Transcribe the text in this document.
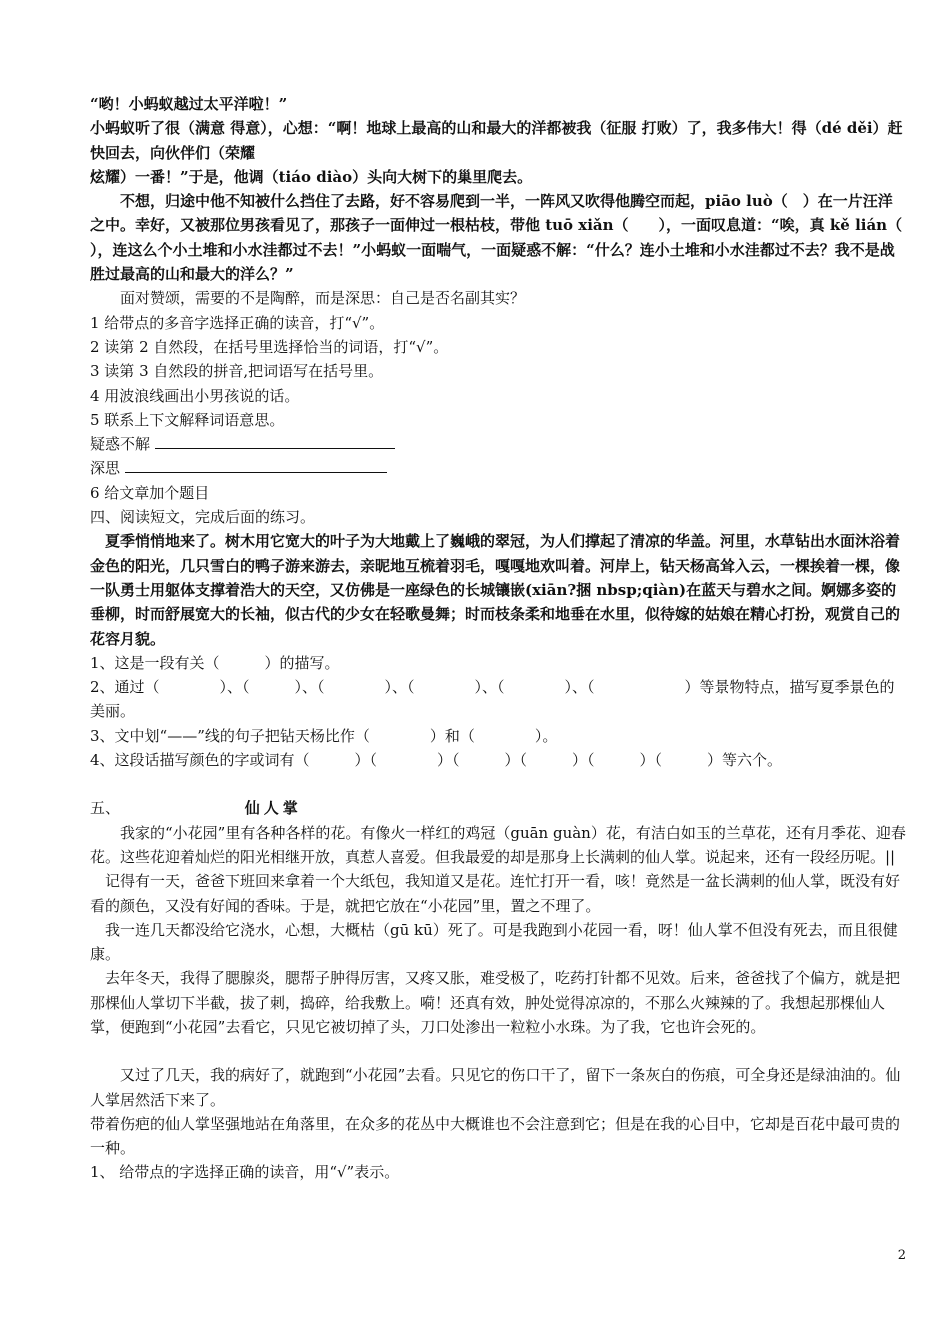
“哟！小蚂蚁越过太平洋啦！”

小蚂蚁听了很（满意 得意），心想：“啊！地球上最高的山和最大的洋都被我（征服 打败）了，我多伟大！得（dé děi）赶快回去，向伙伴们（荣耀

炫耀）一番！”于是，他调（tiáo diào）头向大树下的巢里爬去。

不想，归途中他不知被什么挡住了去路，好不容易爬到一半，一阵风又吹得他腾空而起，piāo luò（　）在一片汪洋之中。幸好，又被那位男孩看见了，那孩子一面伸过一根枯枝，带他 tuō xiǎn（　　），一面叹息道：“唉，真 kě lián（　　），连这么个小土堆和小水洼都过不去！”小蚂蚁一面喘气，一面疑惑不解：“什么？连小土堆和小水洼都过不去？我不是战胜过最高的山和最大的洋么？”

面对赞颂，需要的不是陶醉，而是深思：自己是否名副其实？

1 给带点的多音字选择正确的读音，打“√”。

2 读第 2 自然段，在括号里选择恰当的词语，打“√”。

3 读第 3 自然段的拼音,把词语写在括号里。

4 用波浪线画出小男孩说的话。

5 联系上下文解释词语意思。

疑惑不解

深思

6 给文章加个题目

四、阅读短文，完成后面的练习。

夏季悄悄地来了。树木用它宽大的叶子为大地戴上了巍峨的翠冠，为人们撑起了清凉的华盖。河里，水草钻出水面沐浴着金色的阳光，几只雪白的鸭子游来游去，亲昵地互梳着羽毛，嘎嘎地欢叫着。河岸上，钻天杨高耸入云，一棵挨着一棵，像一队勇士用躯体支撑着浩大的天空，又仿佛是一座绿色的长城镶嵌(xiān?捆 nbsp;qiàn)在蓝天与碧水之间。婀娜多姿的垂柳，时而舒展宽大的长袖，似古代的少女在轻歌曼舞；时而枝条柔和地垂在水里，似待嫁的姑娘在精心打扮，观赏自己的花容月貌。

1、这是一段有关（　　　）的描写。

2、通过（　　　　）、（　　　）、（　　　　）、（　　　　）、（　　　　）、（　　　　　　）等景物特点，描写夏季景色的美丽。

3、文中划“——”线的句子把钻天杨比作（　　　　）和（　　　　）。

4、这段话描写颜色的字或词有（　　　）（　　　　）（　　　）（　　　）（　　　）（　　　）等六个。

五、	仙人掌

我家的“小花园”里有各种各样的花。有像火一样红的鸡冠（guān guàn）花，有洁白如玉的兰草花，还有月季花、迎春花。这些花迎着灿烂的阳光相继开放，真惹人喜爱。但我最爱的却是那身上长满刺的仙人掌。说起来，还有一段经历呢。||

记得有一天，爸爸下班回来拿着一个大纸包，我知道又是花。连忙打开一看，咳！竟然是一盆长满刺的仙人掌，既没有好看的颜色，又没有好闻的香味。于是，就把它放在“小花园”里，置之不理了。

我一连几天都没给它浇水，心想，大概枯（gū kū）死了。可是我跑到小花园一看，呀！仙人掌不但没有死去，而且很健康。

去年冬天，我得了腮腺炎，腮帮子肿得厉害，又疼又胀，难受极了，吃药打针都不见效。后来，爸爸找了个偏方，就是把那棵仙人掌切下半截，拔了刺，捣碎，给我敷上。嗬！还真有效，肿处觉得凉凉的，不那么火辣辣的了。我想起那棵仙人掌，便跑到“小花园”去看它，只见它被切掉了头，刀口处渗出一粒粒小水珠。为了我，它也许会死的。

又过了几天，我的病好了，就跑到“小花园”去看。只见它的伤口干了，留下一条灰白的伤痕，可全身还是绿油油的。仙人掌居然活下来了。

带着伤疤的仙人掌坚强地站在角落里，在众多的花丛中大概谁也不会注意到它；但是在我的心目中，它却是百花中最可贵的一种。

1、 给带点的字选择正确的读音，用“√”表示。

2
